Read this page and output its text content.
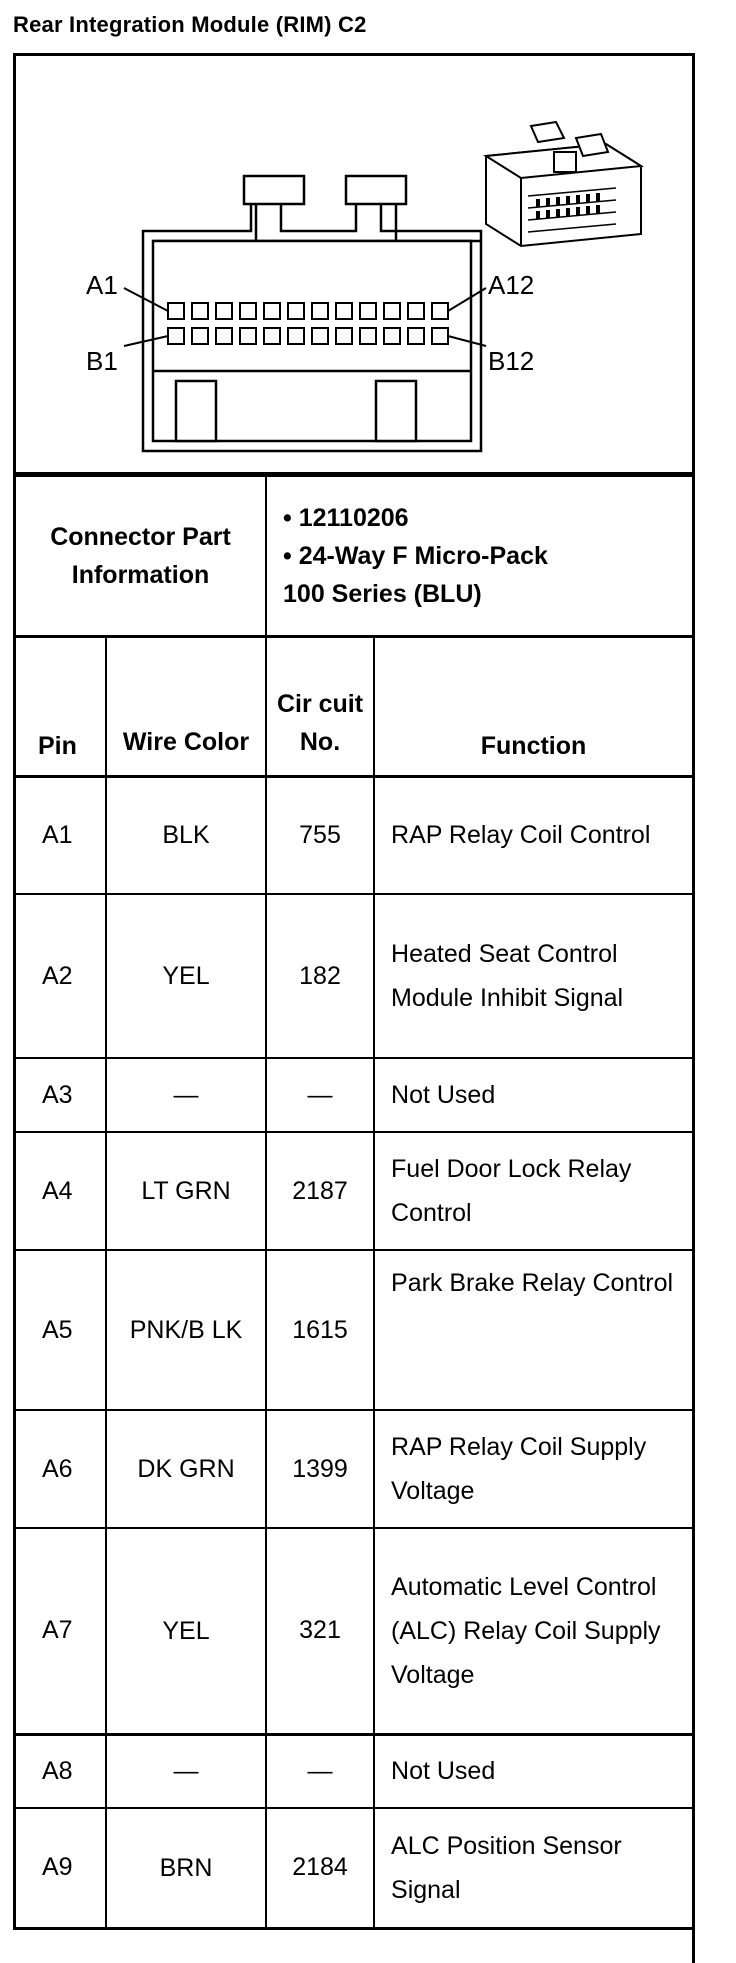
Rear Integration Module (RIM) C2
A1
B1
A12
B12
Connector Part Information		• 12110206
• 24-Way F Micro-Pack
100 Series (BLU)	

Pin	Wire Color	Cir cuit No.	Function
A1	BLK	755	RAP Relay Coil Control
A2	YEL	182	Heated Seat Control Module Inhibit Signal
A3	—	—	Not Used
A4	LT GRN	2187	Fuel Door Lock Relay Control
A5	PNK/B LK	1615	Park Brake Relay Control
A6	DK GRN	1399	RAP Relay Coil Supply Voltage
A7	YEL	321	Automatic Level Control (ALC) Relay Coil Supply Voltage
A8	—	—	Not Used
A9	BRN	2184	ALC Position Sensor Signal
